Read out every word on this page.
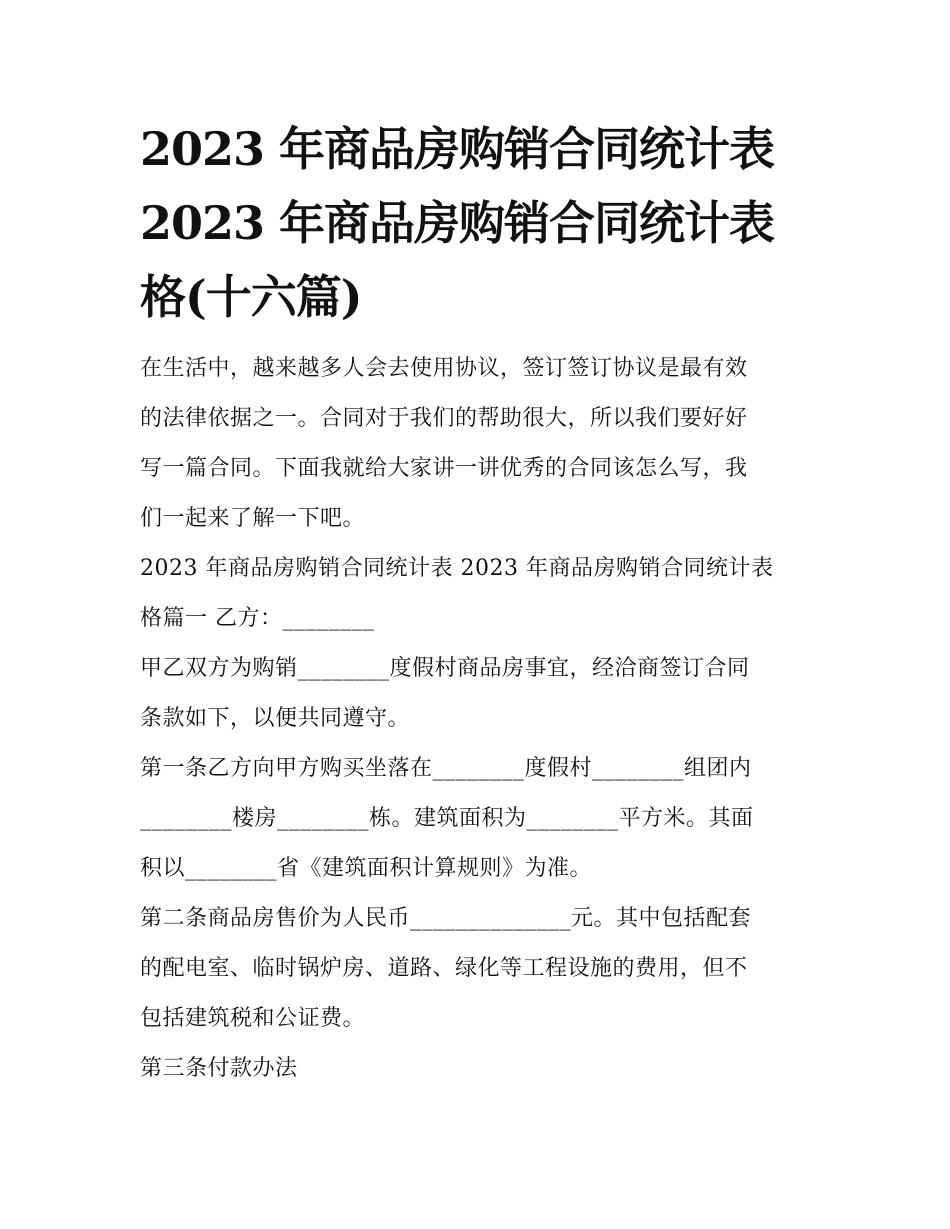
2023 年商品房购销合同统计表
2023 年商品房购销合同统计表
格(十六篇)

在生活中，越来越多人会去使用协议，签订签订协议是最有效
的法律依据之一。合同对于我们的帮助很大，所以我们要好好
写一篇合同。下面我就给大家讲一讲优秀的合同该怎么写，我
们一起来了解一下吧。

2023 年商品房购销合同统计表 2023 年商品房购销合同统计表
格篇一 乙方：________

甲乙双方为购销________度假村商品房事宜，经洽商签订合同
条款如下，以便共同遵守。

第一条乙方向甲方购买坐落在________度假村________组团内
________楼房________栋。建筑面积为________平方米。其面
积以________省《建筑面积计算规则》为准。

第二条商品房售价为人民币______________元。其中包括配套
的配电室、临时锅炉房、道路、绿化等工程设施的费用，但不
包括建筑税和公证费。

第三条付款办法
